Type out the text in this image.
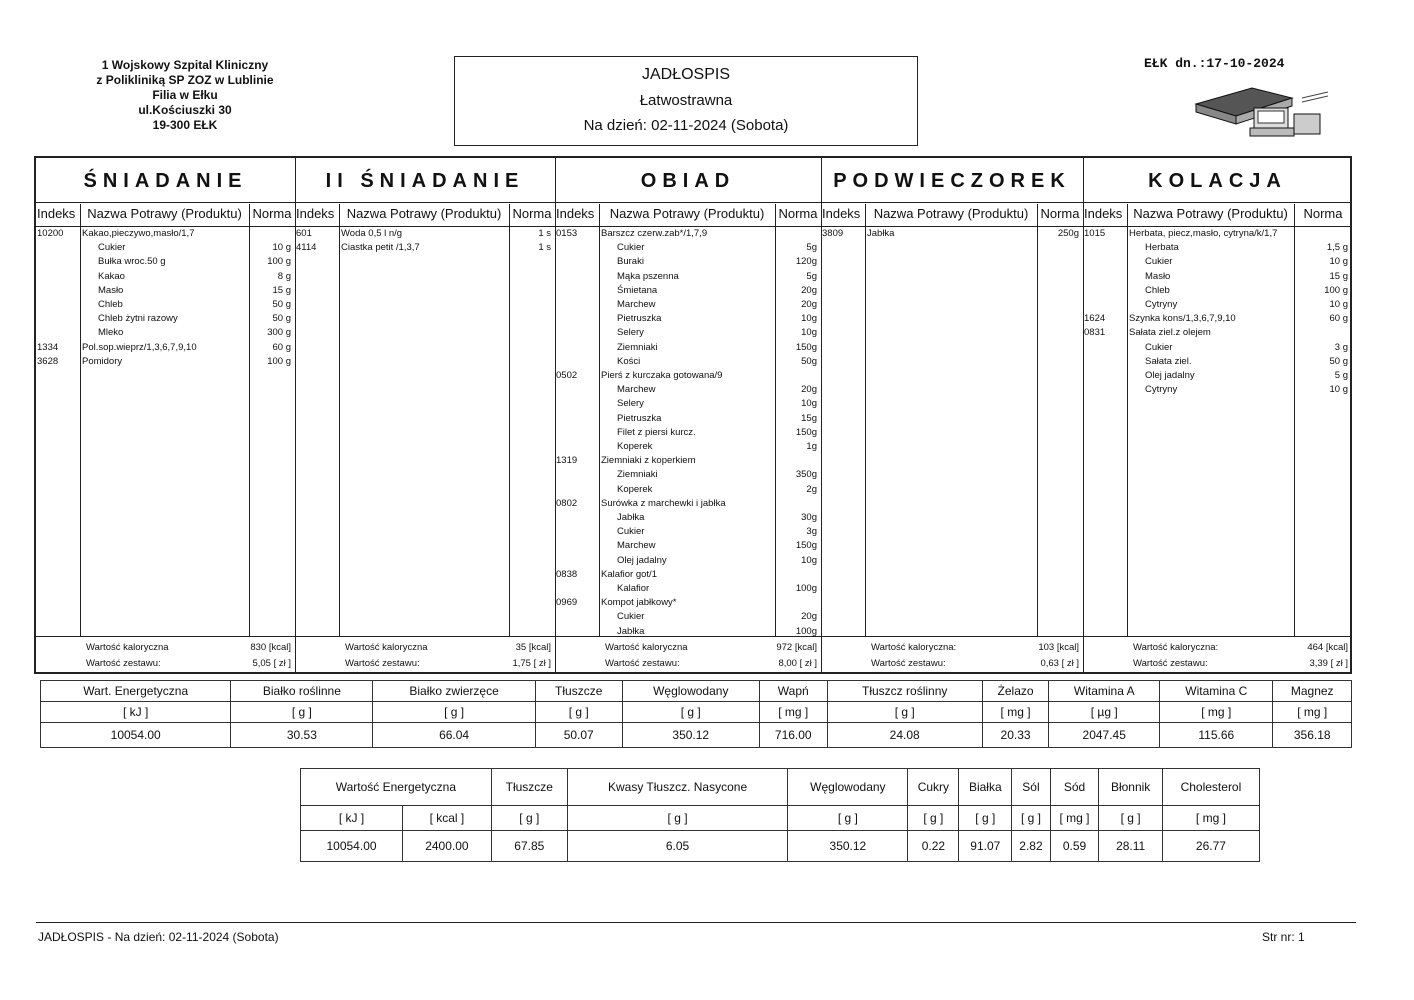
1 Wojskowy Szpital Kliniczny
z Polikliniką SP ZOZ w Lublinie
Filia w Ełku
ul.Kościuszki 30
19-300 EŁK
JADŁOSPIS
Łatwostrawna
Na dzień: 02-11-2024 (Sobota)
EŁK dn.:17-10-2024
ŚNIADANIE
Indeks Nazwa Potrawy (Produktu) Norma
10200 Kakao,pieczywo,masło/1,7
Cukier	10 g
Bułka wroc.50 g	100 g
Kakao	8 g
Masło	15 g
Chleb	50 g
Chleb żytni razowy	50 g
Mleko	300 g
1334	Pol.sop.wieprz/1,3,6,7,9,10	60 g
3628	Pomidory	100 g
Wartość kaloryczna	830 [kcal]
Wartość zestawu:	5,05 [ zł ]
II ŚNIADANIE
Indeks Nazwa Potrawy (Produktu) Norma
601	Woda 0,5 l n/g	1 s
4114	Ciastka petit /1,3,7	1 s
Wartość kaloryczna	35 [kcal]
Wartość zestawu:	1,75 [ zł ]
OBIAD
Indeks	Nazwa Potrawy (Produktu)	Norma
0153	Barszcz czerw.zab*/1,7,9
Cukier	5g
Buraki	120g
Mąka pszenna	5g
Śmietana	20g
Marchew	20g
Pietruszka	10g
Selery	10g
Ziemniaki	150g
Kości	50g
0502	Pierś z kurczaka gotowana/9
Marchew	20g
Selery	10g
Pietruszka	15g
Filet z piersi kurcz.	150g
Koperek	1g
1319	Ziemniaki z koperkiem
Ziemniaki	350g
Koperek	2g
0802	Surówka z marchewki i jabłka
Jabłka	30g
Cukier	3g
Marchew	150g
Olej jadalny	10g
0838	Kalafior got/1
Kalafior	100g
0969	Kompot jabłkowy*
Cukier	20g
Jabłka	100g
Wartość kaloryczna	972 [kcal]
Wartość zestawu:	8,00 [ zł ]
PODWIECZOREK
Indeks	Nazwa Potrawy (Produktu) Norma
3809	Jabłka	250g
Wartość kaloryczna:	103 [kcal]
Wartość zestawu:	0,63 [ zł ]
KOLACJA
Indeks Nazwa Potrawy (Produktu)	Norma
1015	Herbata, piecz,masło, cytryna/k/1,7
Herbata	1,5 g
Cukier	10 g
Masło	15 g
Chleb	100 g
Cytryny	10 g
1624	Szynka kons/1,3,6,7,9,10	60 g
0831	Sałata ziel.z olejem
Cukier	3 g
Sałata ziel.	50 g
Olej jadalny	5 g
Cytryny	10 g
Wartość kaloryczna:	464 [kcal]
Wartość zestawu:	3,39 [ zł ]
Wart. Energetyczna	Białko roślinne	Białko zwierzęce	Tłuszcze	Węglowodany	Wapń	Tłuszcz roślinny	Żelazo	Witamina A	Witamina C	Magnez
[ kJ ]	[ g ]	[ g ]	[ g ]	[ g ]	[ mg ]	[ g ]	[ mg ]	[ µg ]	[ mg ]	[ mg ]
10054.00	30.53	66.04	50.07	350.12	716.00	24.08	20.33	2047.45	115.66	356.18
Wartość Energetyczna		Tłuszcze	Kwasy Tłuszcz. Nasycone	Węglowodany	Cukry	Białka	Sól	Sód	Błonnik	Cholesterol
[ kJ ]	[ kcal ]	[ g ]	[ g ]	[ g ]	[ g ]	[ g ]	[ g ]	[ mg ]	[ g ]	[ mg ]
10054.00	2400.00	67.85	6.05	350.12	0.22	91.07	2.82	0.59	28.11	26.77
JADŁOSPIS - Na dzień: 02-11-2024 (Sobota)	Str nr: 1
